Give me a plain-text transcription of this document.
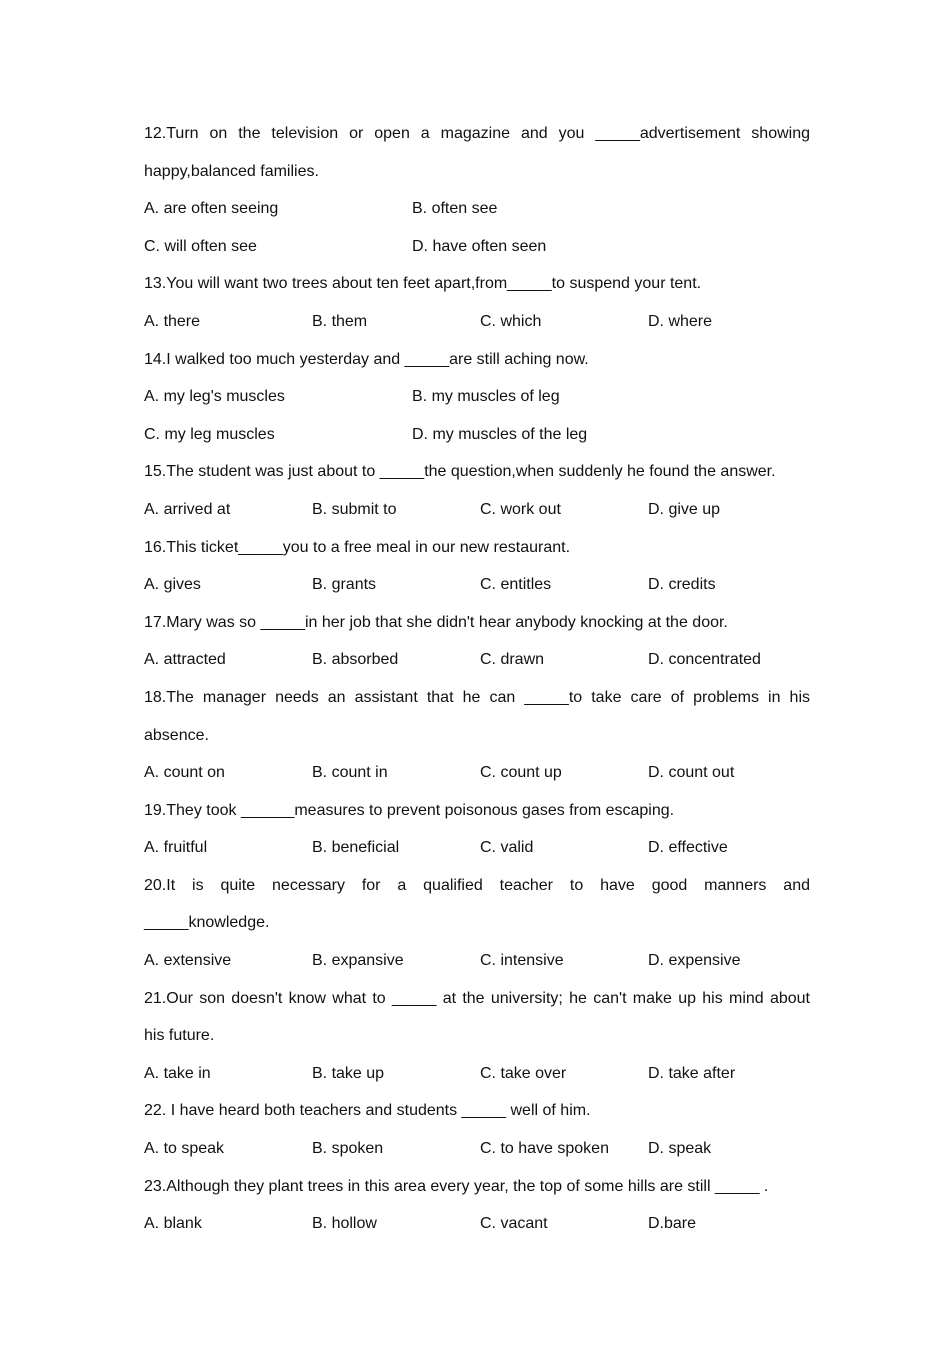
12.Turn on the television or open a magazine and you _____advertisement showing
happy,balanced families.
A. are often seeing	B. often see
C. will often see	D. have often seen
13.You will want two trees about ten feet apart,from_____to suspend your tent.
A. there	B. them	C. which	D. where
14.I walked too much yesterday and _____are still aching now.
A. my leg's muscles	B. my muscles of leg
C. my leg muscles	D. my muscles of the leg
15.The student was just about to _____the question,when suddenly he found the answer.
A. arrived at	B. submit to	C. work out	D. give up
16.This ticket_____you to a free meal in our new restaurant.
A. gives	B. grants	C. entitles	D. credits
17.Mary was so _____in her job that she didn't hear anybody knocking at the door.
A. attracted	B. absorbed	C. drawn	D. concentrated
18.The manager needs an assistant that he can _____to take care of problems in his
absence.
A. count on	B. count in	C. count up	D. count out
19.They took ______measures to prevent poisonous gases from escaping.
A. fruitful	B. beneficial	C. valid	D. effective
20.It is quite necessary for a qualified teacher to have good manners and
_____knowledge.
A. extensive	B. expansive	C. intensive	D. expensive
21.Our son doesn't know what to _____ at the university; he can't make up his mind about
his future.
A. take in	B. take up	C. take over	D. take after
22. I have heard both teachers and students _____ well of him.
A. to speak	B. spoken	C. to have spoken	D. speak
23.Although they plant trees in this area every year, the top of some hills are still _____ .
A. blank	B. hollow	C. vacant	D.bare
